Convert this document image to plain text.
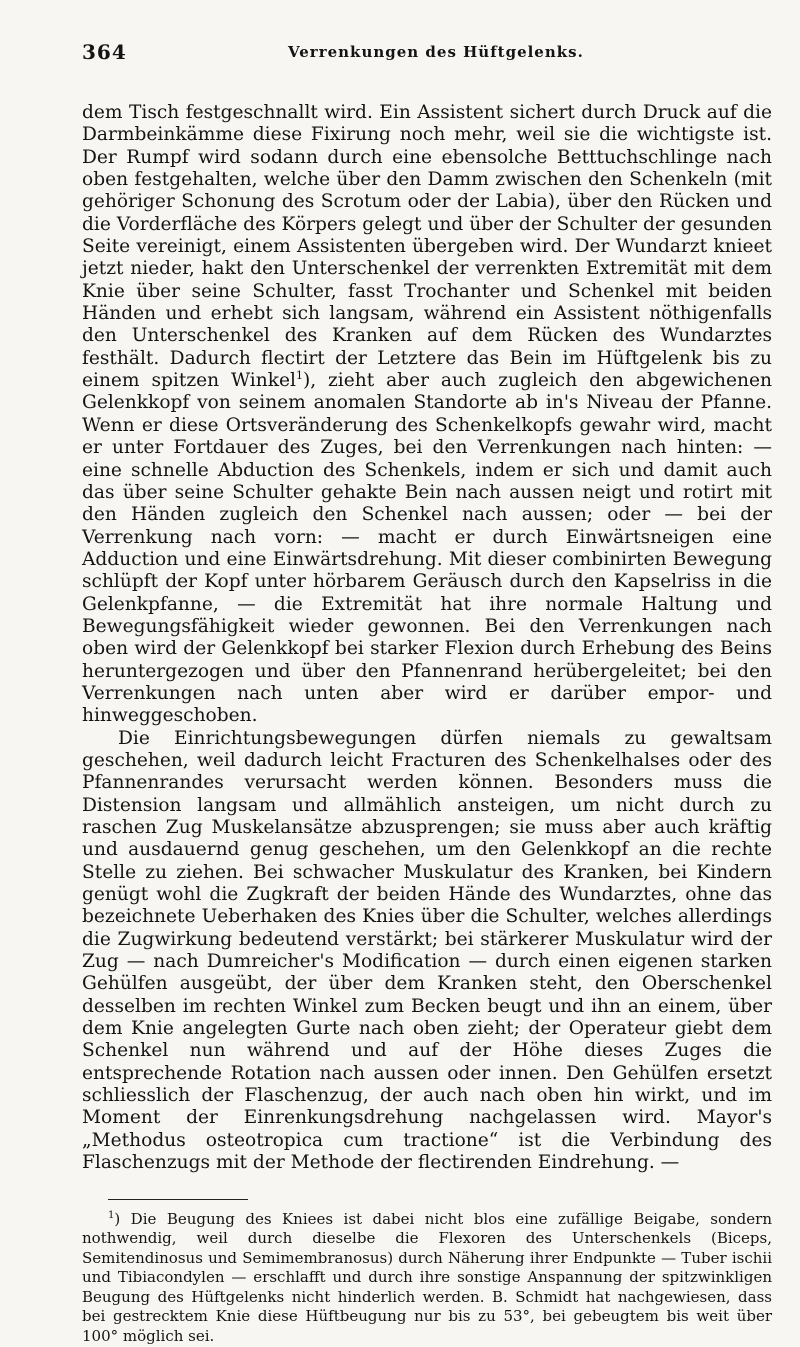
364	Verrenkungen des Hüftgelenks.

dem Tisch festgeschnallt wird. Ein Assistent sichert durch Druck auf die Darmbeinkämme diese Fixirung noch mehr, weil sie die wichtigste ist. Der Rumpf wird sodann durch eine ebensolche Betttuchschlinge nach oben festgehalten, welche über den Damm zwischen den Schenkeln (mit gehöriger Schonung des Scrotum oder der Labia), über den Rücken und die Vorderfläche des Körpers gelegt und über der Schulter der gesunden Seite vereinigt, einem Assistenten übergeben wird. Der Wundarzt knieet jetzt nieder, hakt den Unterschenkel der verrenkten Extremität mit dem Knie über seine Schulter, fasst Trochanter und Schenkel mit beiden Händen und erhebt sich langsam, während ein Assistent nöthigenfalls den Unterschenkel des Kranken auf dem Rücken des Wundarztes festhält. Dadurch flectirt der Letztere das Bein im Hüftgelenk bis zu einem spitzen Winkel$^1$), zieht aber auch zugleich den abgewichenen Gelenkkopf von seinem anomalen Standorte ab in's Niveau der Pfanne. Wenn er diese Ortsveränderung des Schenkelkopfs gewahr wird, macht er unter Fortdauer des Zuges, bei den Verrenkungen nach hinten: — eine schnelle Abduction des Schenkels, indem er sich und damit auch das über seine Schulter gehakte Bein nach aussen neigt und rotirt mit den Händen zugleich den Schenkel nach aussen; oder — bei der Verrenkung nach vorn: — macht er durch Einwärtsneigen eine Adduction und eine Einwärtsdrehung. Mit dieser combinirten Bewegung schlüpft der Kopf unter hörbarem Geräusch durch den Kapselriss in die Gelenkpfanne, — die Extremität hat ihre normale Haltung und Bewegungsfähigkeit wieder gewonnen. Bei den Verrenkungen nach oben wird der Gelenkkopf bei starker Flexion durch Erhebung des Beins heruntergezogen und über den Pfannenrand herübergeleitet; bei den Verrenkungen nach unten aber wird er darüber empor- und hinweggeschoben.

Die Einrichtungsbewegungen dürfen niemals zu gewaltsam geschehen, weil dadurch leicht Fracturen des Schenkelhalses oder des Pfannenrandes verursacht werden können. Besonders muss die Distension langsam und allmählich ansteigen, um nicht durch zu raschen Zug Muskelansätze abzusprengen; sie muss aber auch kräftig und ausdauernd genug geschehen, um den Gelenkkopf an die rechte Stelle zu ziehen. Bei schwacher Muskulatur des Kranken, bei Kindern genügt wohl die Zugkraft der beiden Hände des Wundarztes, ohne das bezeichnete Ueberhaken des Knies über die Schulter, welches allerdings die Zugwirkung bedeutend verstärkt; bei stärkerer Muskulatur wird der Zug — nach Dumreicher's Modification — durch einen eigenen starken Gehülfen ausgeübt, der über dem Kranken steht, den Oberschenkel desselben im rechten Winkel zum Becken beugt und ihn an einem, über dem Knie angelegten Gurte nach oben zieht; der Operateur giebt dem Schenkel nun während und auf der Höhe dieses Zuges die entsprechende Rotation nach aussen oder innen. Den Gehülfen ersetzt schliesslich der Flaschenzug, der auch nach oben hin wirkt, und im Moment der Einrenkungsdrehung nachgelassen wird. Mayor's „Methodus osteotropica cum tractione“ ist die Verbindung des Flaschenzugs mit der Methode der flectirenden Eindrehung. —

$^1$) Die Beugung des Kniees ist dabei nicht blos eine zufällige Beigabe, sondern nothwendig, weil durch dieselbe die Flexoren des Unterschenkels (Biceps, Semitendinosus und Semimembranosus) durch Näherung ihrer Endpunkte — Tuber ischii und Tibiacondylen — erschlafft und durch ihre sonstige Anspannung der spitzwinkligen Beugung des Hüftgelenks nicht hinderlich werden. B. Schmidt hat nachgewiesen, dass bei gestrecktem Knie diese Hüftbeugung nur bis zu 53°, bei gebeugtem bis weit über 100° möglich sei.
